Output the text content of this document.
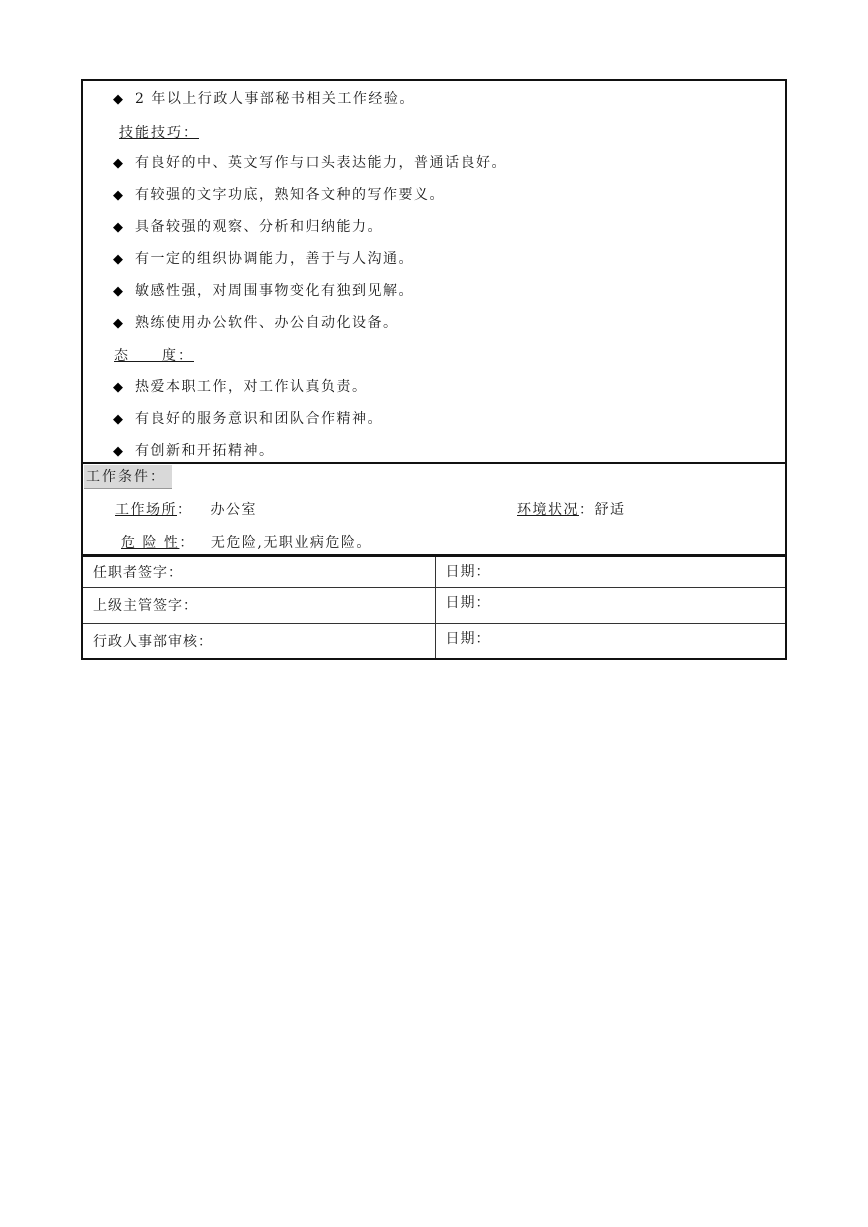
◆ 2 年以上行政人事部秘书相关工作经验。
技能技巧：
◆ 有良好的中、英文写作与口头表达能力，普通话良好。
◆ 有较强的文字功底，熟知各文种的写作要义。
◆ 具备较强的观察、分析和归纳能力。
◆ 有一定的组织协调能力，善于与人沟通。
◆ 敏感性强，对周围事物变化有独到见解。
◆ 熟练使用办公软件、办公自动化设备。
态　　度：
◆ 热爱本职工作，对工作认真负责。
◆ 有良好的服务意识和团队合作精神。
◆ 有创新和开拓精神。
工作条件：
工作场所： 办公室	环境状况：舒适
危 险 性： 无危险,无职业病危险。
任职者签字：	日期：
上级主管签字：	日期：
行政人事部审核：	日期：
